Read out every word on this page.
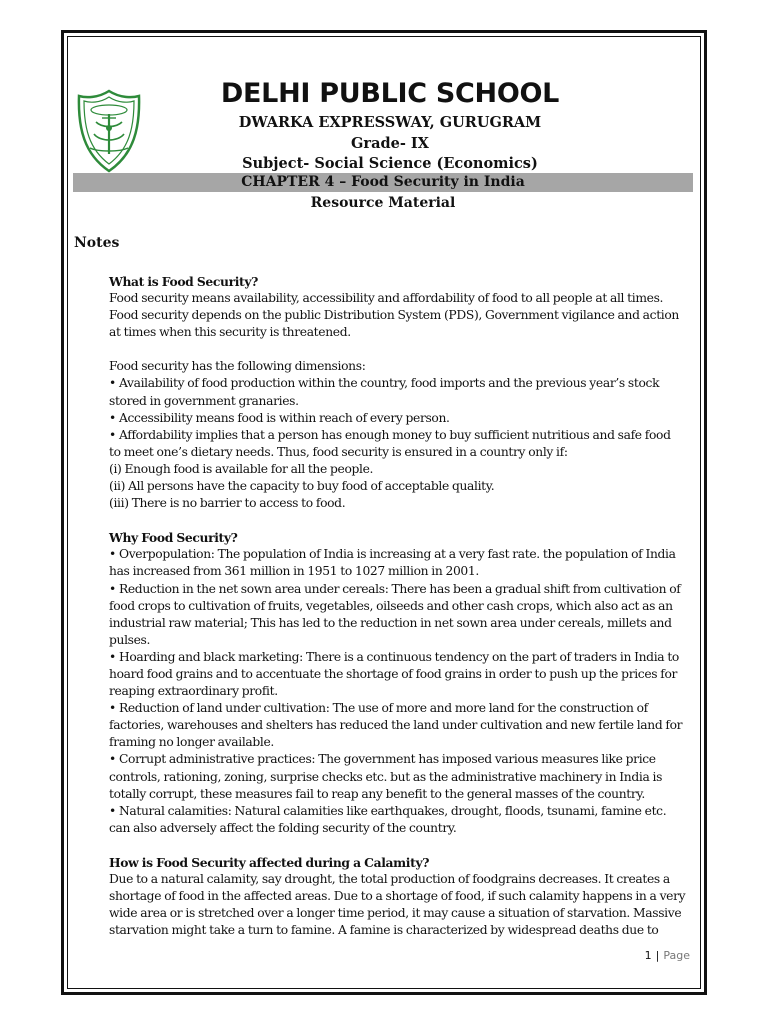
DELHI PUBLIC SCHOOL
DWARKA EXPRESSWAY, GURUGRAM
Grade- IX
Subject- Social Science (Economics)
CHAPTER 4 – Food Security in India
Resource Material
Notes

What is Food Security?

Food security means availability, accessibility and affordability of food to all people at all times.

Food security depends on the public Distribution System (PDS), Government vigilance and action

at times when this security is threatened.

Food security has the following dimensions:

• Availability of food production within the country, food imports and the previous year’s stock

stored in government granaries.

• Accessibility means food is within reach of every person.

• Affordability implies that a person has enough money to buy sufficient nutritious and safe food

to meet one’s dietary needs. Thus, food security is ensured in a country only if:

(i) Enough food is available for all the people.

(ii) All persons have the capacity to buy food of acceptable quality.

(iii) There is no barrier to access to food.

Why Food Security?

• Overpopulation: The population of India is increasing at a very fast rate. the population of India

has increased from 361 million in 1951 to 1027 million in 2001.

• Reduction in the net sown area under cereals: There has been a gradual shift from cultivation of

food crops to cultivation of fruits, vegetables, oilseeds and other cash crops, which also act as an

industrial raw material; This has led to the reduction in net sown area under cereals, millets and

pulses.

• Hoarding and black marketing: There is a continuous tendency on the part of traders in India to

hoard food grains and to accentuate the shortage of food grains in order to push up the prices for

reaping extraordinary profit.

• Reduction of land under cultivation: The use of more and more land for the construction of

factories, warehouses and shelters has reduced the land under cultivation and new fertile land for

framing no longer available.

• Corrupt administrative practices: The government has imposed various measures like price

controls, rationing, zoning, surprise checks etc. but as the administrative machinery in India is

totally corrupt, these measures fail to reap any benefit to the general masses of the country.

• Natural calamities: Natural calamities like earthquakes, drought, floods, tsunami, famine etc.

can also adversely affect the folding security of the country.

How is Food Security affected during a Calamity?

Due to a natural calamity, say drought, the total production of foodgrains decreases. It creates a

shortage of food in the affected areas. Due to a shortage of food, if such calamity happens in a very

wide area or is stretched over a longer time period, it may cause a situation of starvation. Massive

starvation might take a turn to famine. A famine is characterized by widespread deaths due to

1 | Page
